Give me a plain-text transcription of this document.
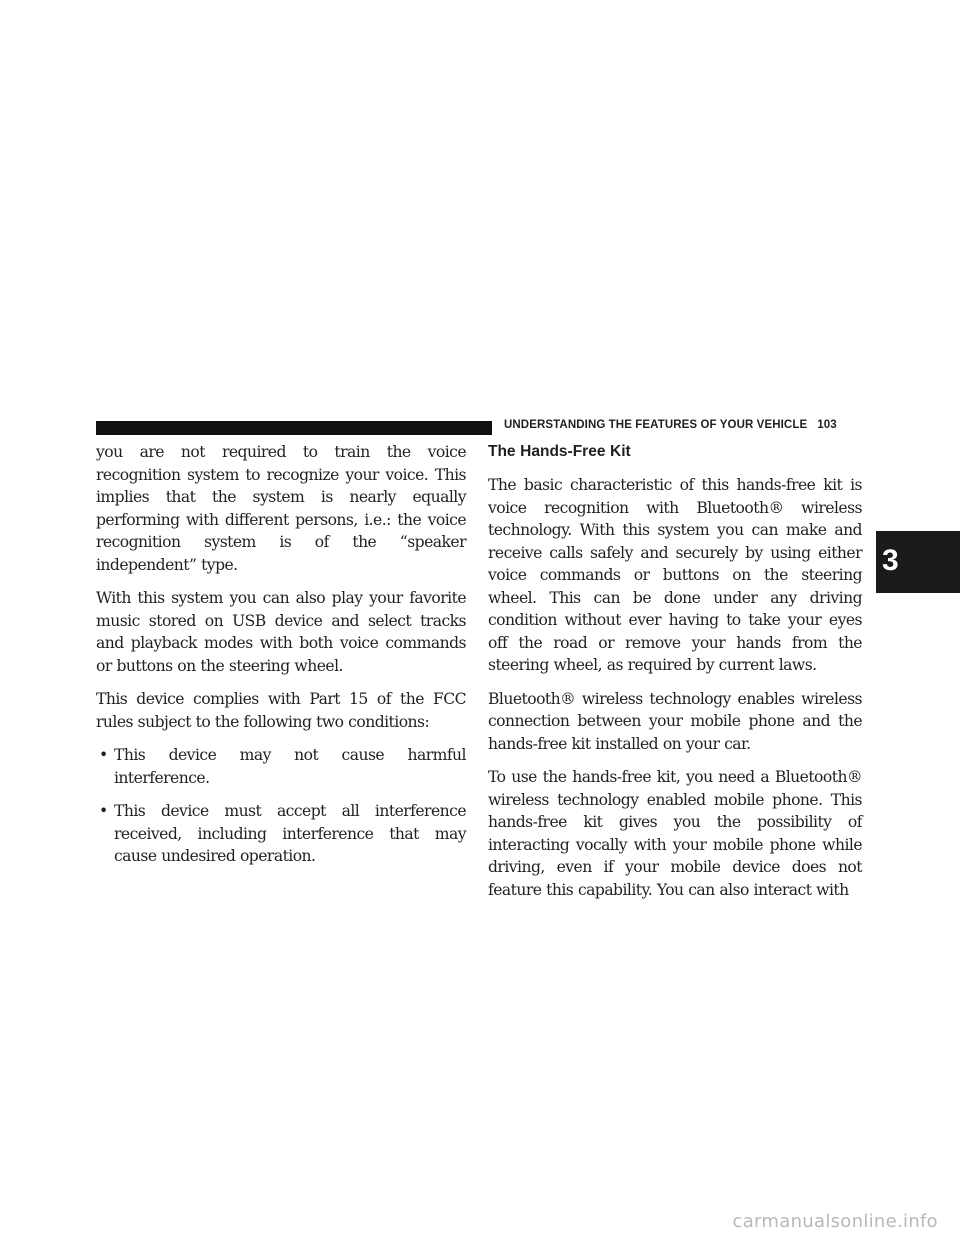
UNDERSTANDING THE FEATURES OF YOUR VEHICLE 103

you are not required to train the voice recognition system to recognize your voice. This implies that the system is nearly equally performing with different persons, i.e.: the voice recognition system is of the “speaker independent” type.

With this system you can also play your favorite music stored on USB device and select tracks and playback modes with both voice commands or buttons on the steering wheel.

This device complies with Part 15 of the FCC rules subject to the following two conditions:

• This device may not cause harmful interference.
• This device must accept all interference received, including interference that may cause undesired operation.
The Hands-Free Kit

The basic characteristic of this hands-free kit is voice recognition with Bluetooth® wireless technology. With this system you can make and receive calls safely and securely by using either voice commands or buttons on the steering wheel. This can be done under any driving condition without ever having to take your eyes off the road or remove your hands from the steering wheel, as required by current laws.

Bluetooth® wireless technology enables wireless connection between your mobile phone and the hands-free kit installed on your car.

To use the hands-free kit, you need a Bluetooth® wireless technology enabled mobile phone. This hands-free kit gives you the possibility of interacting vocally with your mobile phone while driving, even if your mobile device does not feature this capability. You can also interact with

3
carmanualsonline.info
